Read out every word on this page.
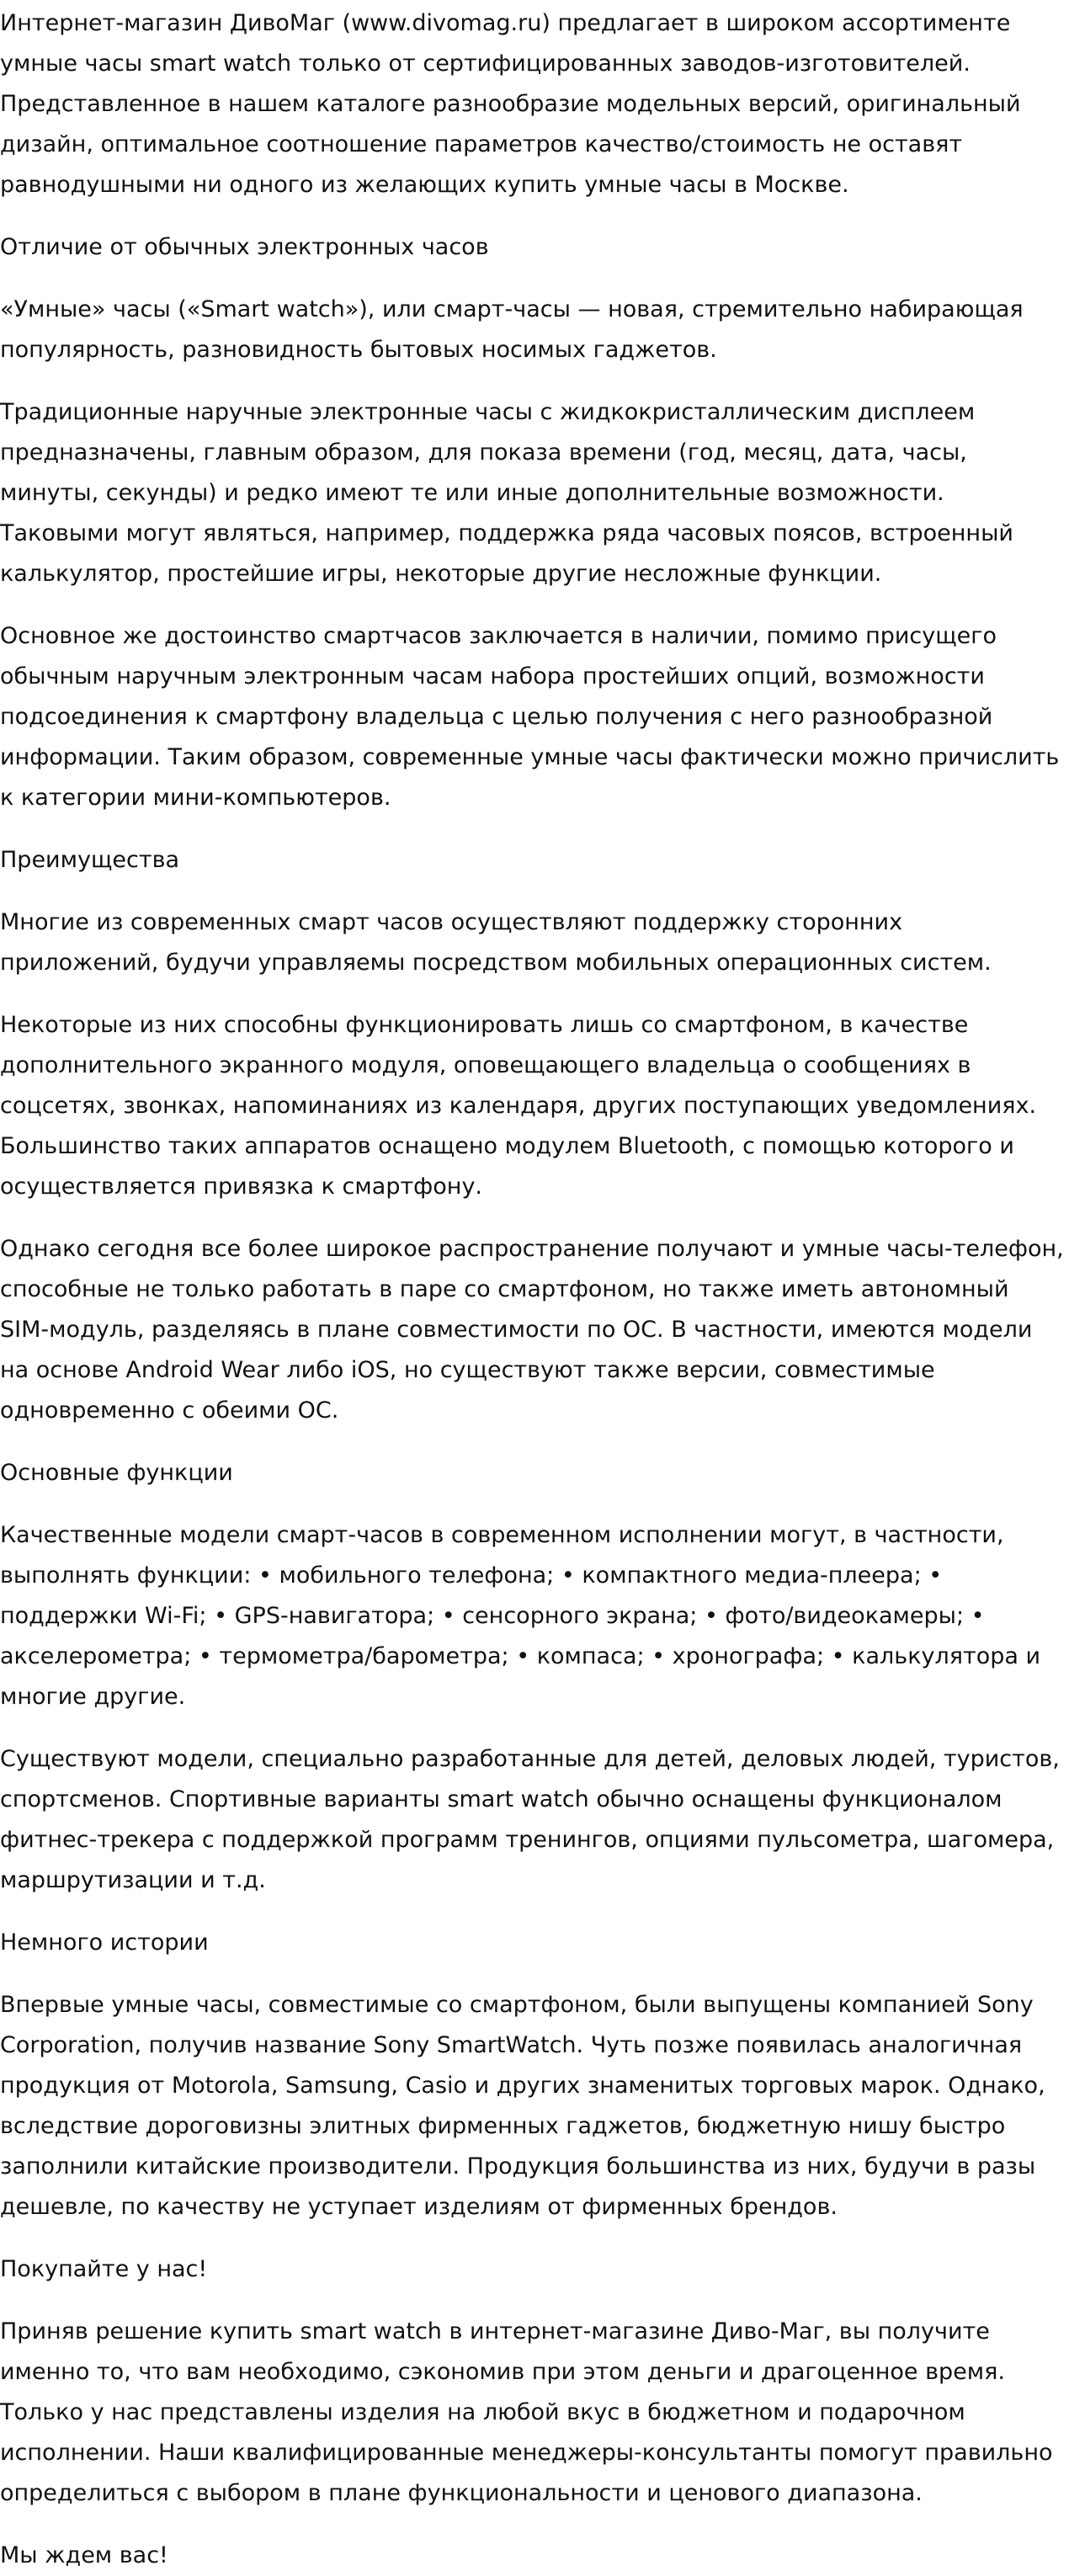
Интернет-магазин ДивоМаг (www.divomag.ru) предлагает в широком ассортименте умные часы smart watch только от сертифицированных заводов-изготовителей. Представленное в нашем каталоге разнообразие модельных версий, оригинальный дизайн, оптимальное соотношение параметров качество/стоимость не оставят равнодушными ни одного из желающих купить умные часы в Москве.

Отличие от обычных электронных часов

«Умные» часы («Smart watch»), или смарт-часы — новая, стремительно набирающая популярность, разновидность бытовых носимых гаджетов.

Традиционные наручные электронные часы с жидкокристаллическим дисплеем предназначены, главным образом, для показа времени (год, месяц, дата, часы, минуты, секунды) и редко имеют те или иные дополнительные возможности. Таковыми могут являться, например, поддержка ряда часовых поясов, встроенный калькулятор, простейшие игры, некоторые другие несложные функции.

Основное же достоинство смартчасов заключается в наличии, помимо присущего обычным наручным электронным часам набора простейших опций, возможности подсоединения к смартфону владельца с целью получения с него разнообразной информации. Таким образом, современные умные часы фактически можно причислить к категории мини-компьютеров.

Преимущества

Многие из современных смарт часов осуществляют поддержку сторонних приложений, будучи управляемы посредством мобильных операционных систем.

Некоторые из них способны функционировать лишь со смартфоном, в качестве дополнительного экранного модуля, оповещающего владельца о сообщениях в соцсетях, звонках, напоминаниях из календаря, других поступающих уведомлениях. Большинство таких аппаратов оснащено модулем Bluetooth, с помощью которого и осуществляется привязка к смартфону.

Однако сегодня все более широкое распространение получают и умные часы-телефон, способные не только работать в паре со смартфоном, но также иметь автономный SIM-модуль, разделяясь в плане совместимости по ОС. В частности, имеются модели на основе Android Wear либо iOS, но существуют также версии, совместимые одновременно с обеими ОС.

Основные функции

Качественные модели смарт-часов в современном исполнении могут, в частности, выполнять функции: • мобильного телефона; • компактного медиа-плеера; • поддержки Wi-Fi; • GPS-навигатора; • сенсорного экрана; • фото/видеокамеры; • акселерометра; • термометра/барометра; • компаса; • хронографа; • калькулятора и многие другие.

Существуют модели, специально разработанные для детей, деловых людей, туристов, спортсменов. Спортивные варианты smart watch обычно оснащены функционалом фитнес-трекера с поддержкой программ тренингов, опциями пульсометра, шагомера, маршрутизации и т.д.

Немного истории

Впервые умные часы, совместимые со смартфоном, были выпущены компанией Sony Corporation, получив название Sony SmartWatch. Чуть позже появилась аналогичная продукция от Motorola, Samsung, Casio и других знаменитых торговых марок. Однако, вследствие дороговизны элитных фирменных гаджетов, бюджетную нишу быстро заполнили китайские производители. Продукция большинства из них, будучи в разы дешевле, по качеству не уступает изделиям от фирменных брендов.

Покупайте у нас!

Приняв решение купить smart watch в интернет-магазине Диво-Маг, вы получите именно то, что вам необходимо, сэкономив при этом деньги и драгоценное время. Только у нас представлены изделия на любой вкус в бюджетном и подарочном исполнении. Наши квалифицированные менеджеры-консультанты помогут правильно определиться с выбором в плане функциональности и ценового диапазона.

Мы ждем вас!
